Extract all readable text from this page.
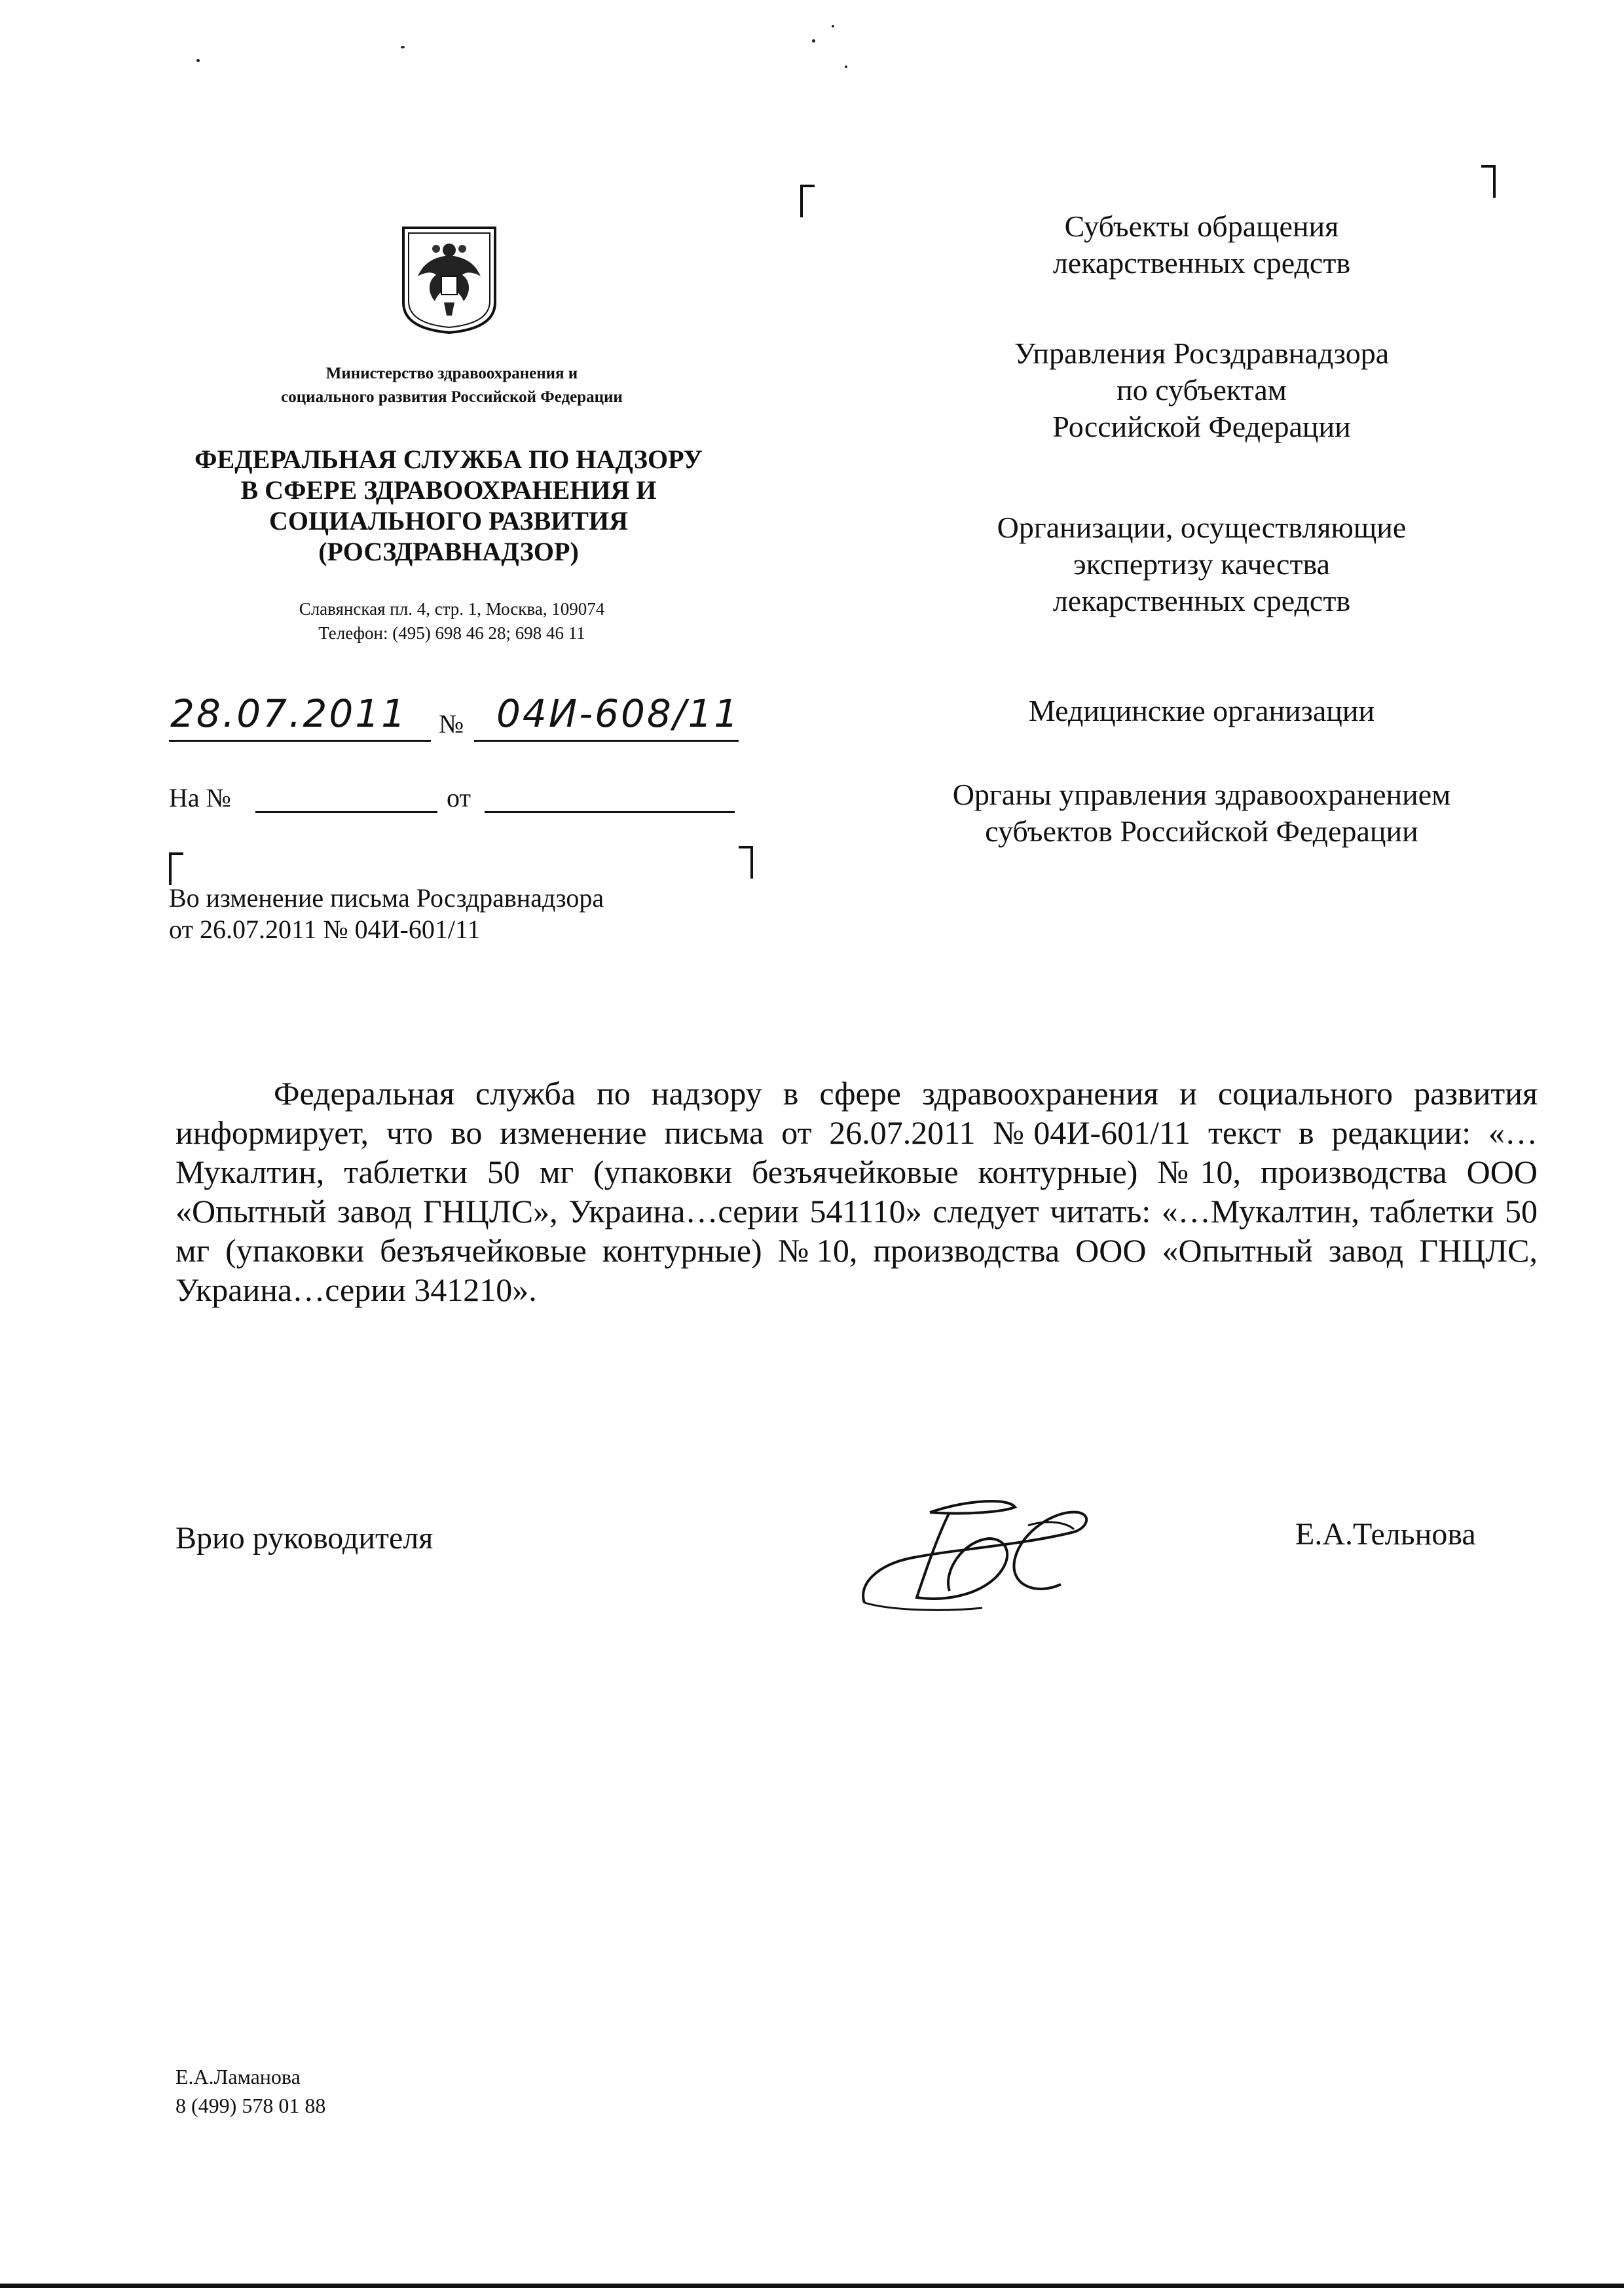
Министерство здравоохранения и
социального развития Российской Федерации
ФЕДЕРАЛЬНАЯ СЛУЖБА ПО НАДЗОРУ
В СФЕРЕ ЗДРАВООХРАНЕНИЯ И
СОЦИАЛЬНОГО РАЗВИТИЯ
(РОСЗДРАВНАДЗОР)
Славянская пл. 4, стр. 1, Москва, 109074
Телефон: (495) 698 46 28; 698 46 11
28.07.2011 № 04И-608/11
На №	от
Во изменение письма Росздравнадзора
от 26.07.2011 № 04И-601/11
Субъекты обращения
лекарственных средств
Управления Росздравнадзора
по субъектам
Российской Федерации
Организации, осуществляющие
экспертизу качества
лекарственных средств
Медицинские организации
Органы управления здравоохранением
субъектов Российской Федерации
Федеральная служба по надзору в сфере здравоохранения и социального развития информирует, что во изменение письма от 26.07.2011 №04И-601/11 текст в редакции: «…Мукалтин, таблетки 50 мг (упаковки безъячейковые контурные) №10, производства ООО «Опытный завод ГНЦЛС», Украина…серии 541110» следует читать: «…Мукалтин, таблетки 50 мг (упаковки безъячейковые контурные) №10, производства ООО «Опытный завод ГНЦЛС, Украина…серии 341210».
Врио руководителя	Е.А.Тельнова
Е.А.Ламанова
8 (499) 578 01 88
